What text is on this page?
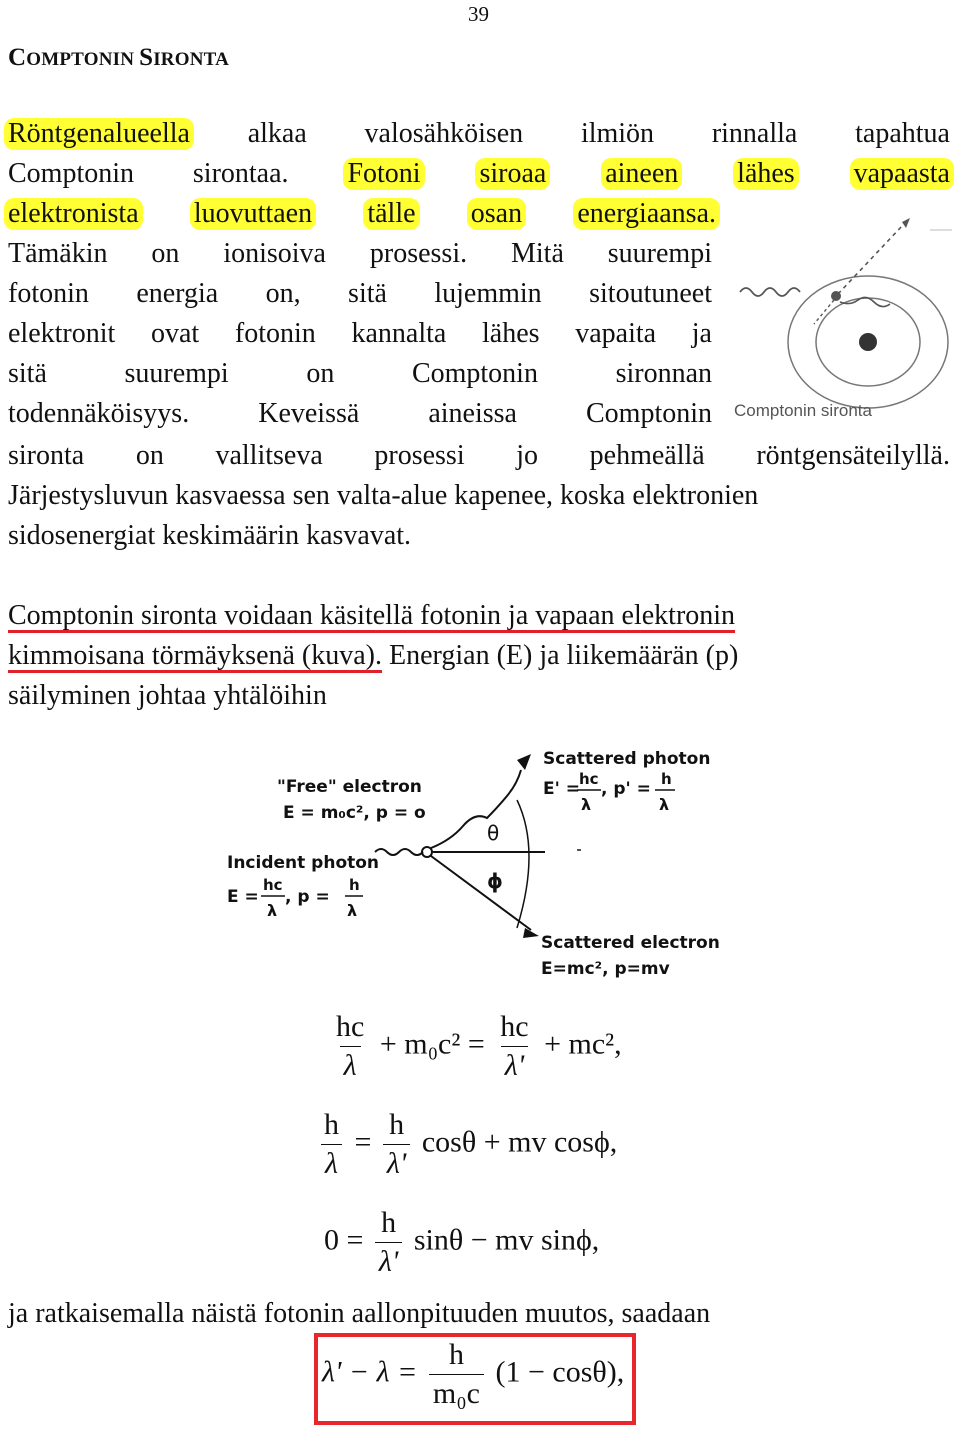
39
COMPTONIN SIRONTA
Röntgenalueella alkaa valosähköisen ilmiön rinnalla tapahtua
Comptonin sirontaa. Fotoni siroaa aineen lähes vapaasta
elektronista luovuttaen tälle osan energiaansa.
Tämäkin on ionisoiva prosessi. Mitä suurempi
fotonin energia on, sitä lujemmin sitoutuneet
elektronit ovat fotonin kannalta lähes vapaita ja
sitä	suurempi	on	Comptonin	sironnan
todennäköisyys. Keveissä aineissa Comptonin
sironta on vallitseva prosessi jo pehmeällä röntgensäteilyllä.
Järjestysluvun kasvaessa sen valta-alue kapenee, koska elektronien
sidosenergiat keskimäärin kasvavat.
Comptonin sironta
Comptonin sironta voidaan käsitellä fotonin ja vapaan elektronin
kimmoisana törmäyksenä (kuva). Energian (E) ja liikemäärän (p)
säilyminen johtaa yhtälöihin
"Free" electron
E = m₀c², p = o
Incident photon
E =
hc
λ
, p =
h
λ
Scattered photon
E' = hc
λ
, p' = h
λ
Scattered electron
E=mc², p=mv
θ
ϕ
$\frac{hc}{\lambda} + m_0c^2 = \frac{hc}{\lambda'} + mc^2$,
$\frac{h}{\lambda} = \frac{h}{\lambda'}$ cosθ + mv cosϕ,
$0 = \frac{h}{\lambda'}$ sinθ − mv sinϕ,
ja ratkaisemalla näistä fotonin aallonpituuden muutos, saadaan
$\lambda' - \lambda = \frac{h}{\text{m₀c}} (1 - \cos\theta)$,
